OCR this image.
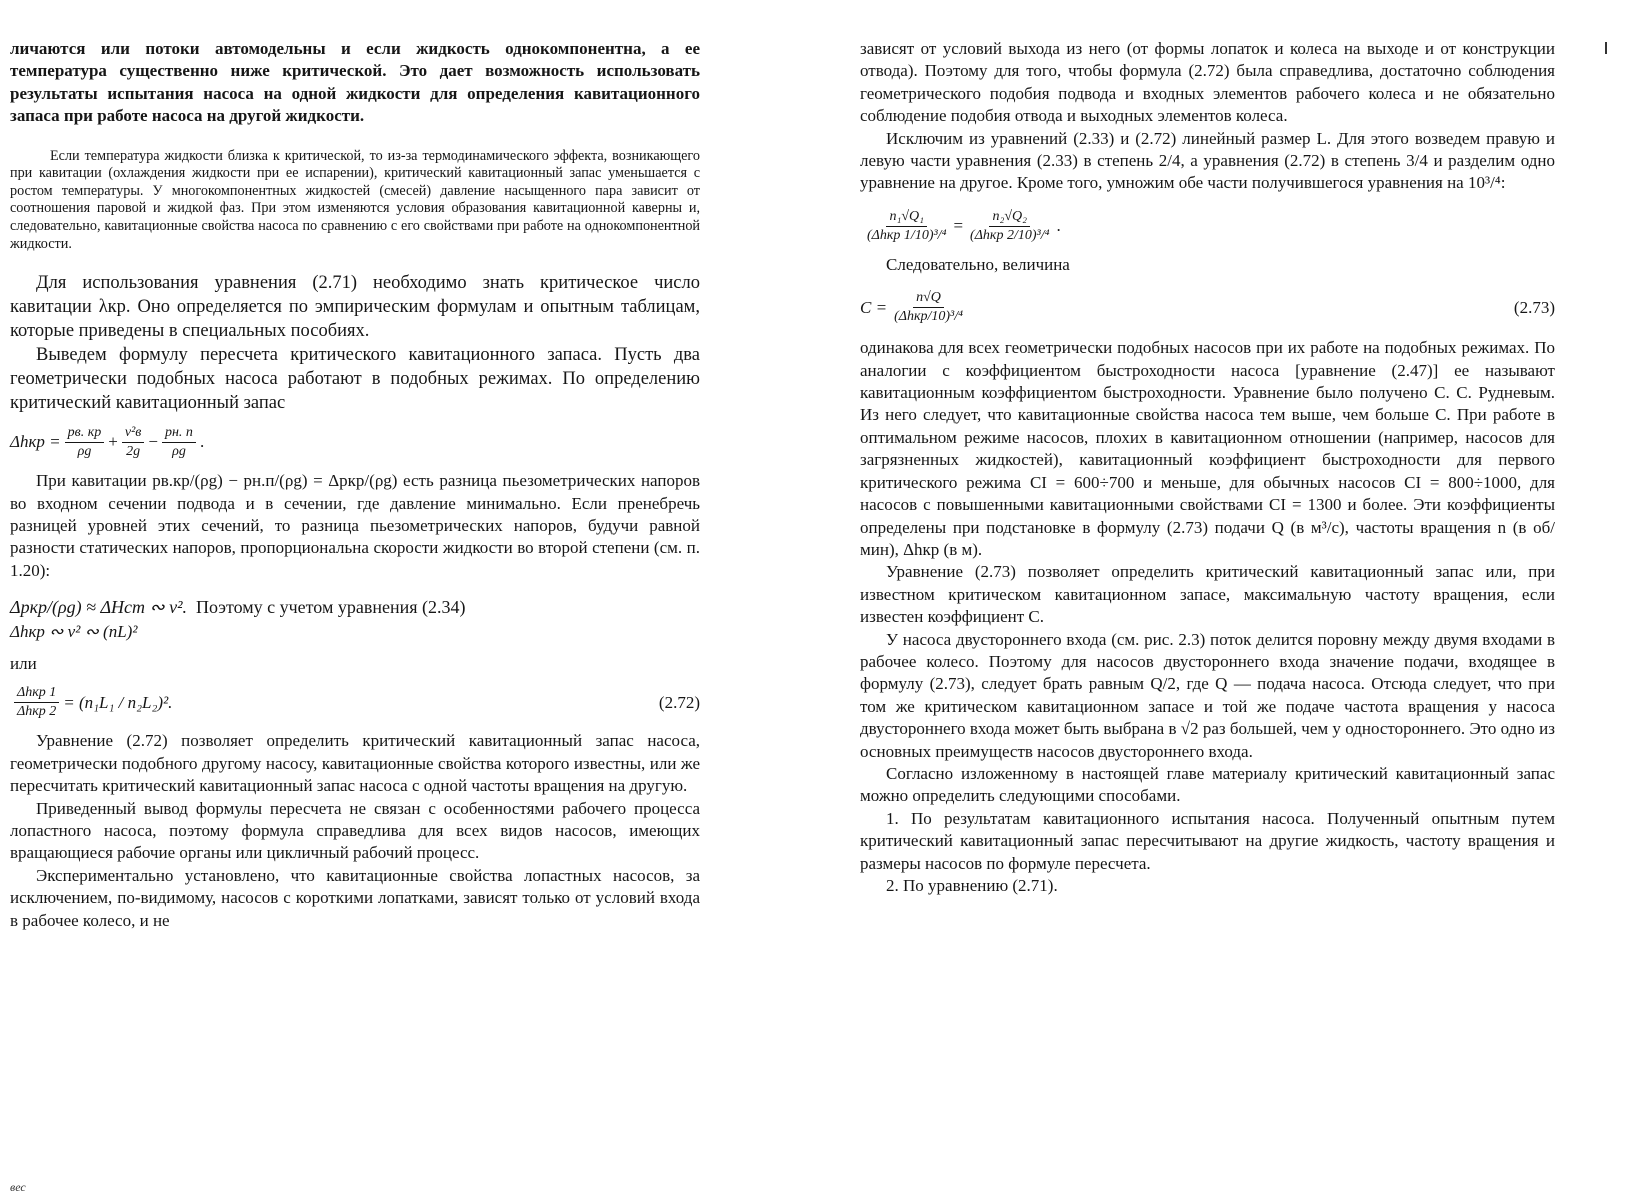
личаются или потоки автомодельны и если жидкость однокомпонентна, а ее температура существенно ниже критической. Это дает возможность использовать результаты испытания насоса на одной жидкости для определения кавитационного запаса при работе насоса на другой жидкости.

Если температура жидкости близка к критической, то из-за термодинамического эффекта, возникающего при кавитации (охлаждения жидкости при ее испарении), критический кавитационный запас уменьшается с ростом температуры. У многокомпонентных жидкостей (смесей) давление насыщенного пара зависит от соотношения паровой и жидкой фаз. При этом изменяются условия образования кавитационной каверны и, следовательно, кавитационные свойства насоса по сравнению с его свойствами при работе на однокомпонентной жидкости.

Для использования уравнения (2.71) необходимо знать критическое число кавитации λкр. Оно определяется по эмпирическим формулам и опытным таблицам, которые приведены в специальных пособиях.

Выведем формулу пересчета критического кавитационного запаса. Пусть два геометрически подобных насоса работают в подобных режимах. По определению критический кавитационный запас

$\Delta hкр = \frac{pв. кр}{\rho g} + \frac{\text{v²в}}{2g} - \frac{pн. п}{\rho g}$ .

При кавитации pв.кр/(ρg) − pн.п/(ρg) = Δpкр/(ρg) есть разница пьезометрических напоров во входном сечении подвода и в сечении, где давление минимально. Если пренебречь разницей уровней этих сечений, то разница пьезометрических напоров, будучи равной разности статических напоров, пропорциональна скорости жидкости во второй степени (см. п. 1.20):

Δpкр/(ρg) ≈ ΔHст ∾ v².
Поэтому с учетом уравнения (2.34)
Δhкр ∾ v² ∾ (nL)²

или

$\frac{\text{Δhкр 1}}{\text{Δhкр 2}} = (n_1L_1 / n_2L_2)^2$.	(2.72)

Уравнение (2.72) позволяет определить критический кавитационный запас насоса, геометрически подобного другому насосу, кавитационные свойства которого известны, или же пересчитать критический кавитационный запас насоса с одной частоты вращения на другую.

Приведенный вывод формулы пересчета не связан с особенностями рабочего процесса лопастного насоса, поэтому формула справедлива для всех видов насосов, имеющих вращающиеся рабочие органы или цикличный рабочий процесс.

Экспериментально установлено, что кавитационные свойства лопастных насосов, за исключением, по-видимому, насосов с короткими лопатками, зависят только от условий входа в рабочее колесо, и не

вес

зависят от условий выхода из него (от формы лопаток и колеса на выходе и от конструкции отвода). Поэтому для того, чтобы формула (2.72) была справедлива, достаточно соблюдения геометрического подобия подвода и входных элементов рабочего колеса и не обязательно соблюдение подобия отвода и выходных элементов колеса.

Исключим из уравнений (2.33) и (2.72) линейный размер L. Для этого возведем правую и левую части уравнения (2.33) в степень 2/4, а уравнения (2.72) в степень 3/4 и разделим одно уравнение на другое. Кроме того, умножим обе части получившегося уравнения на 10³/⁴:

$\frac{\text{n₁√Q₁}}{\text{(Δhкр 1/10)³/⁴}} = \frac{\text{n₂√Q₂}}{\text{(Δhкр 2/10)³/⁴}}$ .

Следовательно, величина

$C = \frac{n√Q}{\text{(Δhкр/10)³/⁴}}$	(2.73)

одинакова для всех геометрически подобных насосов при их работе на подобных режимах. По аналогии с коэффициентом быстроходности насоса [уравнение (2.47)] ее называют кавитационным коэффициентом быстроходности. Уравнение было получено С. С. Рудневым. Из него следует, что кавитационные свойства насоса тем выше, чем больше C. При работе в оптимальном режиме насосов, плохих в кавитационном отношении (например, насосов для загрязненных жидкостей), кавитационный коэффициент быстроходности для первого критического режима CI = 600÷700 и меньше, для обычных насосов CI = 800÷1000, для насосов с повышенными кавитационными свойствами CI = 1300 и более. Эти коэффициенты определены при подстановке в формулу (2.73) подачи Q (в м³/с), частоты вращения n (в об/мин), Δhкр (в м).

Уравнение (2.73) позволяет определить критический кавитационный запас или, при известном критическом кавитационном запасе, максимальную частоту вращения, если известен коэффициент C.

У насоса двустороннего входа (см. рис. 2.3) поток делится поровну между двумя входами в рабочее колесо. Поэтому для насосов двустороннего входа значение подачи, входящее в формулу (2.73), следует брать равным Q/2, где Q — подача насоса. Отсюда следует, что при том же критическом кавитационном запасе и той же подаче частота вращения у насоса двустороннего входа может быть выбрана в √2 раз большей, чем у одностороннего. Это одно из основных преимуществ насосов двустороннего входа.

Согласно изложенному в настоящей главе материалу критический кавитационный запас можно определить следующими способами.

1. По результатам кавитационного испытания насоса. Полученный опытным путем критический кавитационный запас пересчитывают на другие жидкость, частоту вращения и размеры насосов по формуле пересчета.

2. По уравнению (2.71).
